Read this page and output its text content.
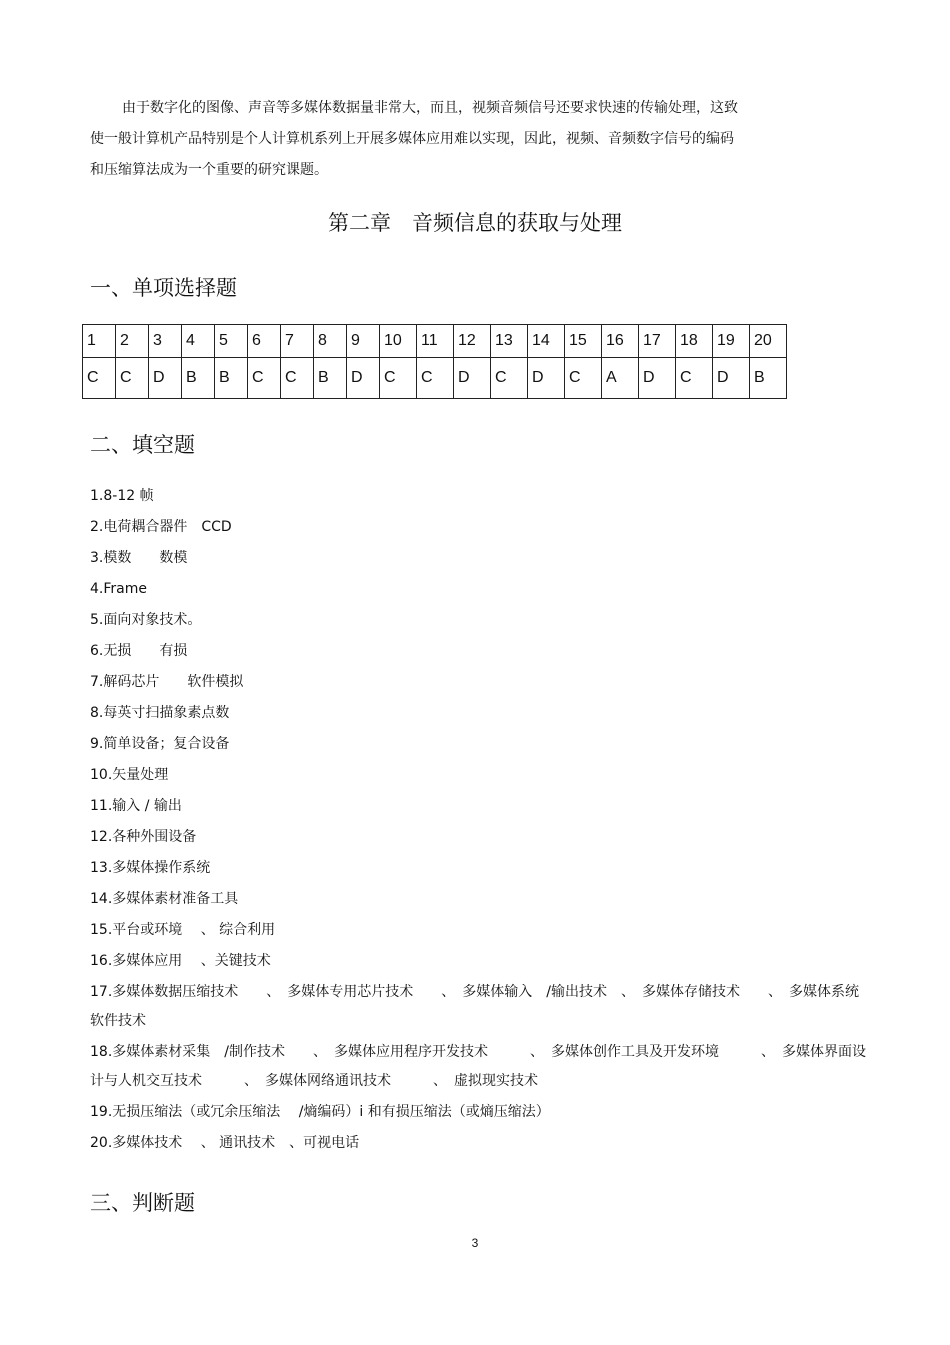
由于数字化的图像、声音等多媒体数据量非常大，而且，视频音频信号还要求快速的传输处理，这致
使一般计算机产品特别是个人计算机系列上开展多媒体应用难以实现，因此，视频、音频数字信号的编码
和压缩算法成为一个重要的研究课题。
第二章　音频信息的获取与处理
一、单项选择题
1	2	3	4	5	6	7	8	9	10	11	12	13	14	15	16	17	18	19	20
C	C	D	B	B	C	C	B	D	C	C	D	C	D	C	A	D	C	D	B
二、填空题
1.8-12 帧
2.电荷耦合器件　CCD
3.模数　　数模
4.Frame
5.面向对象技术。
6.无损　　有损
7.解码芯片　　软件模拟
8.每英寸扫描象素点数
9.简单设备；复合设备
10.矢量处理
11.输入 / 输出
12.各种外围设备
13.多媒体操作系统
14.多媒体素材准备工具
15.平台或环境　 、 综合利用
16.多媒体应用　 、关键技术
17.多媒体数据压缩技术　　、　多媒体专用芯片技术　　、　多媒体输入　/输出技术　、　多媒体存储技术　　、　多媒体系统软件技术
18.多媒体素材采集　/制作技术　　、　多媒体应用程序开发技术　　　、　多媒体创作工具及开发环境　　　、　多媒体界面设计与人机交互技术　　　、　多媒体网络通讯技术　　　、　虚拟现实技术
19.无损压缩法（或冗余压缩法　 /熵编码）i 和有损压缩法（或熵压缩法）
20.多媒体技术　 、 通讯技术　、可视电话
三、判断题
3
